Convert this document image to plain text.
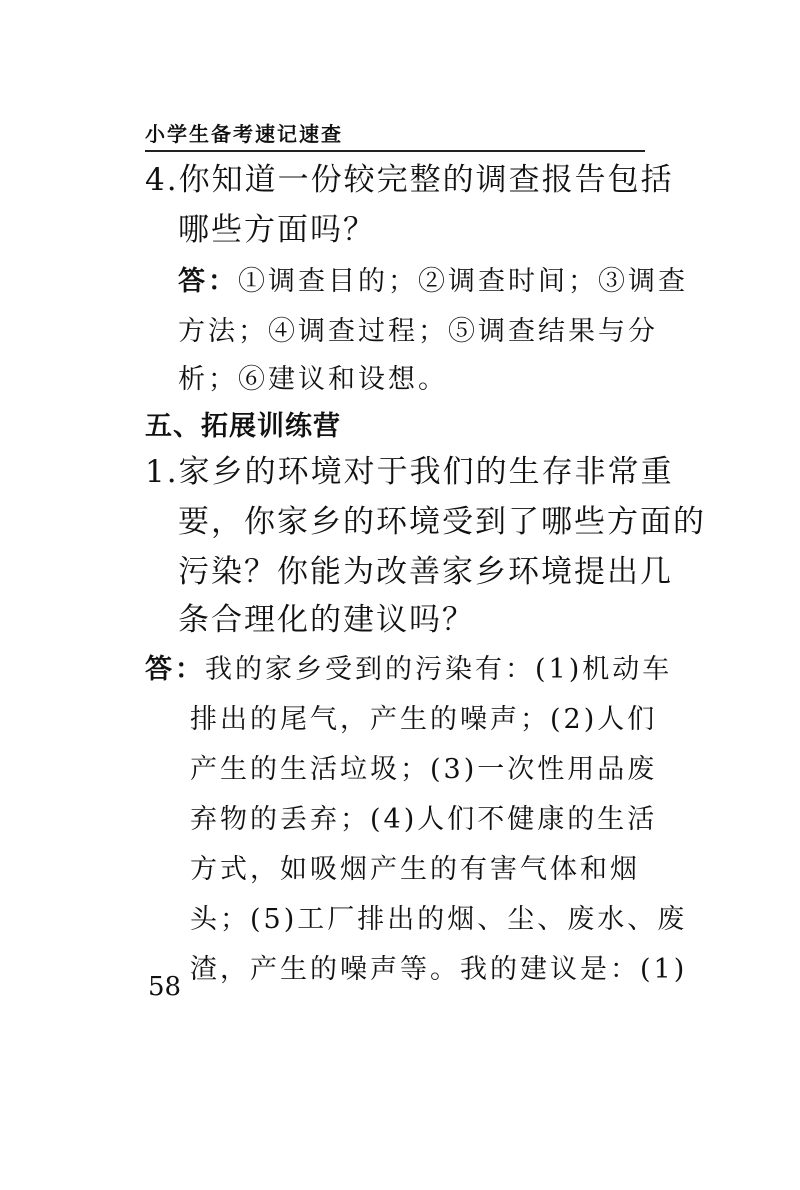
小学生备考速记速查
4.你知道一份较完整的调查报告包括
哪些方面吗？
答：①调查目的；②调查时间；③调查
方法；④调查过程；⑤调查结果与分
析；⑥建议和设想。
五、拓展训练营
1.家乡的环境对于我们的生存非常重
要，你家乡的环境受到了哪些方面的
污染？你能为改善家乡环境提出几
条合理化的建议吗？
答：我的家乡受到的污染有：(1)机动车
排出的尾气，产生的噪声；(2)人们
产生的生活垃圾；(3)一次性用品废
弃物的丢弃；(4)人们不健康的生活
方式，如吸烟产生的有害气体和烟
头；(5)工厂排出的烟、尘、废水、废
渣，产生的噪声等。我的建议是：(1)
58
